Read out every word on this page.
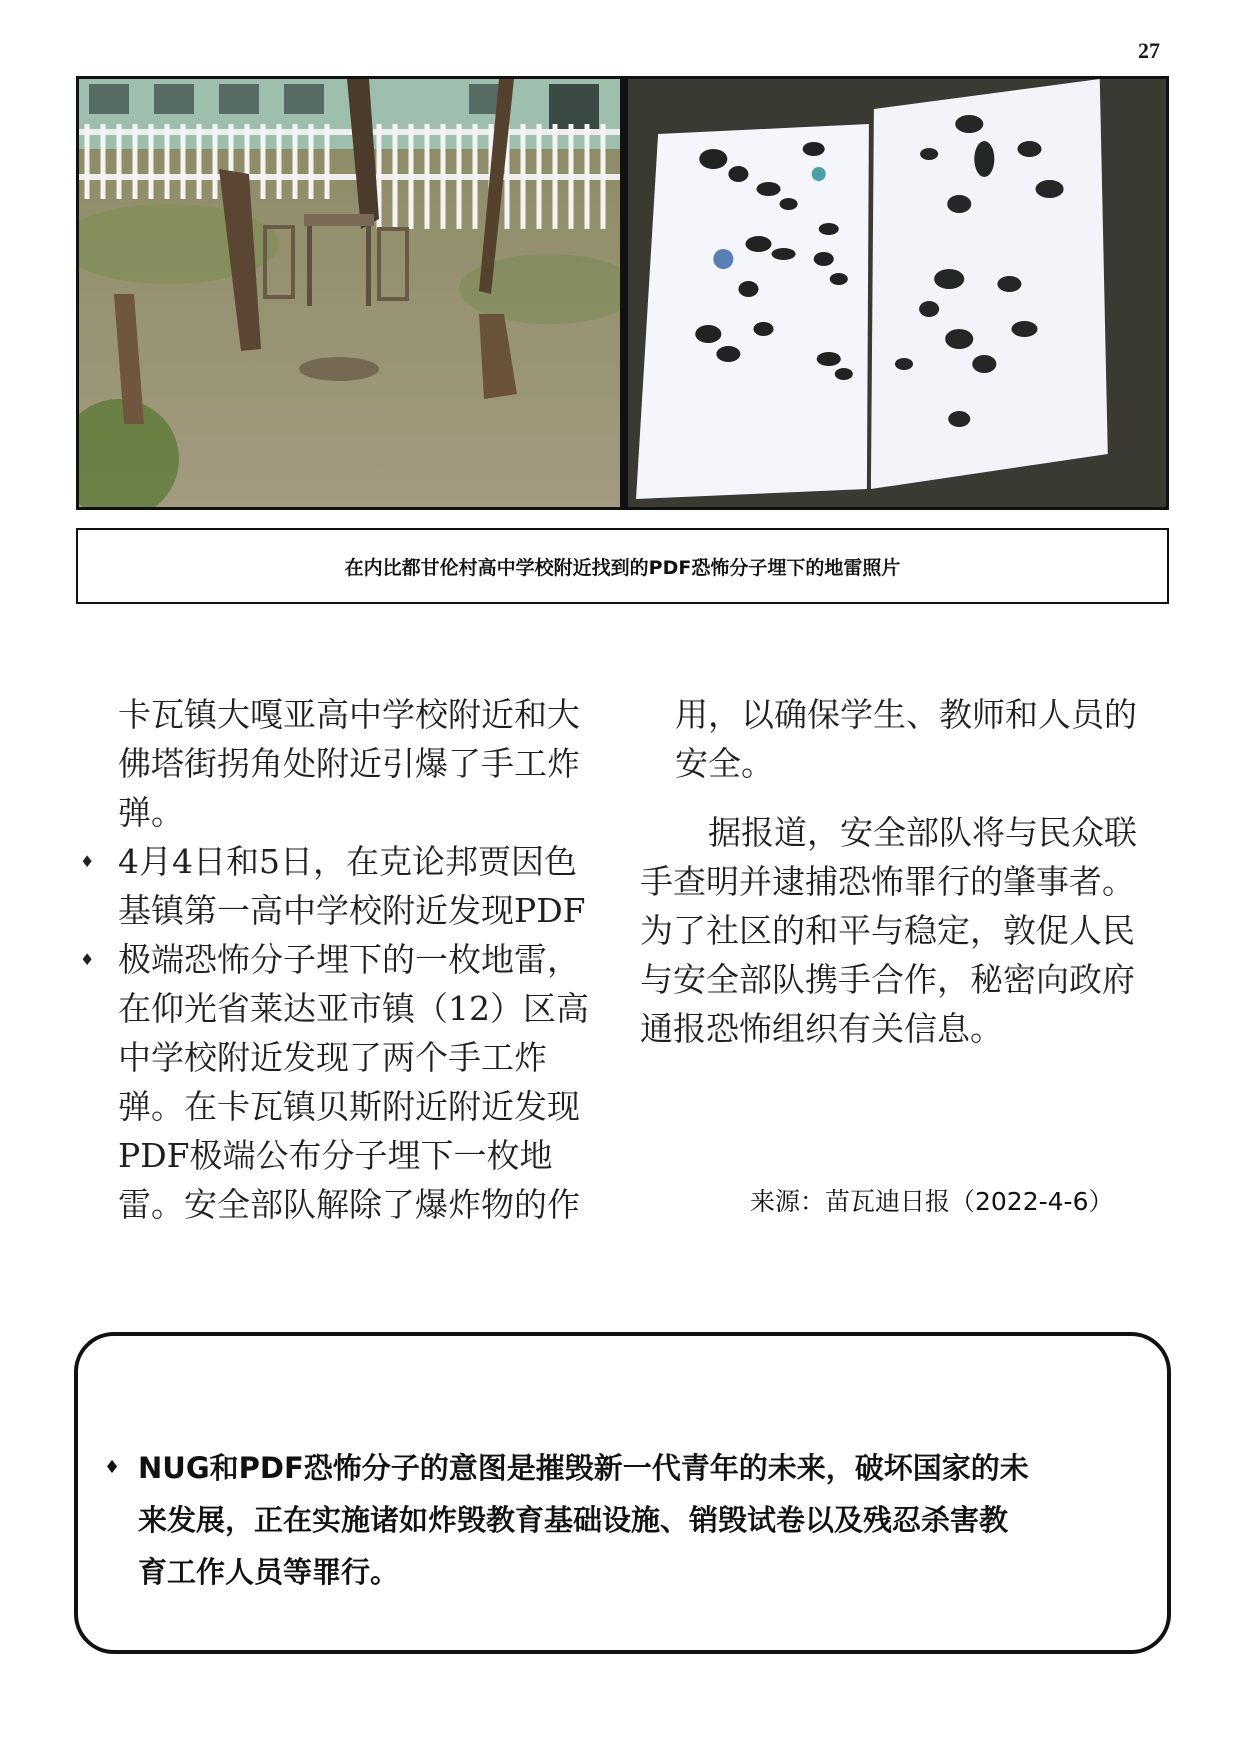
27
在内比都甘伦村高中学校附近找到的PDF恐怖分子埋下的地雷照片
卡瓦镇大嘎亚高中学校附近和大
佛塔街拐角处附近引爆了手工炸
弹。
♦ 4月4日和5日，在克论邦贾因色
基镇第一高中学校附近发现PDF
♦ 极端恐怖分子埋下的一枚地雷，
在仰光省莱达亚市镇（12）区高
中学校附近发现了两个手工炸
弹。在卡瓦镇贝斯附近附近发现
PDF极端公布分子埋下一枚地
雷。安全部队解除了爆炸物的作
用，以确保学生、教师和人员的
安全。
据报道，安全部队将与民众联
手查明并逮捕恐怖罪行的肇事者。
为了社区的和平与稳定，敦促人民
与安全部队携手合作，秘密向政府
通报恐怖组织有关信息。
来源：苗瓦迪日报（2022-4-6）
♦ NUG和PDF恐怖分子的意图是摧毁新一代青年的未来，破坏国家的未
来发展，正在实施诸如炸毁教育基础设施、销毁试卷以及残忍杀害教
育工作人员等罪行。
